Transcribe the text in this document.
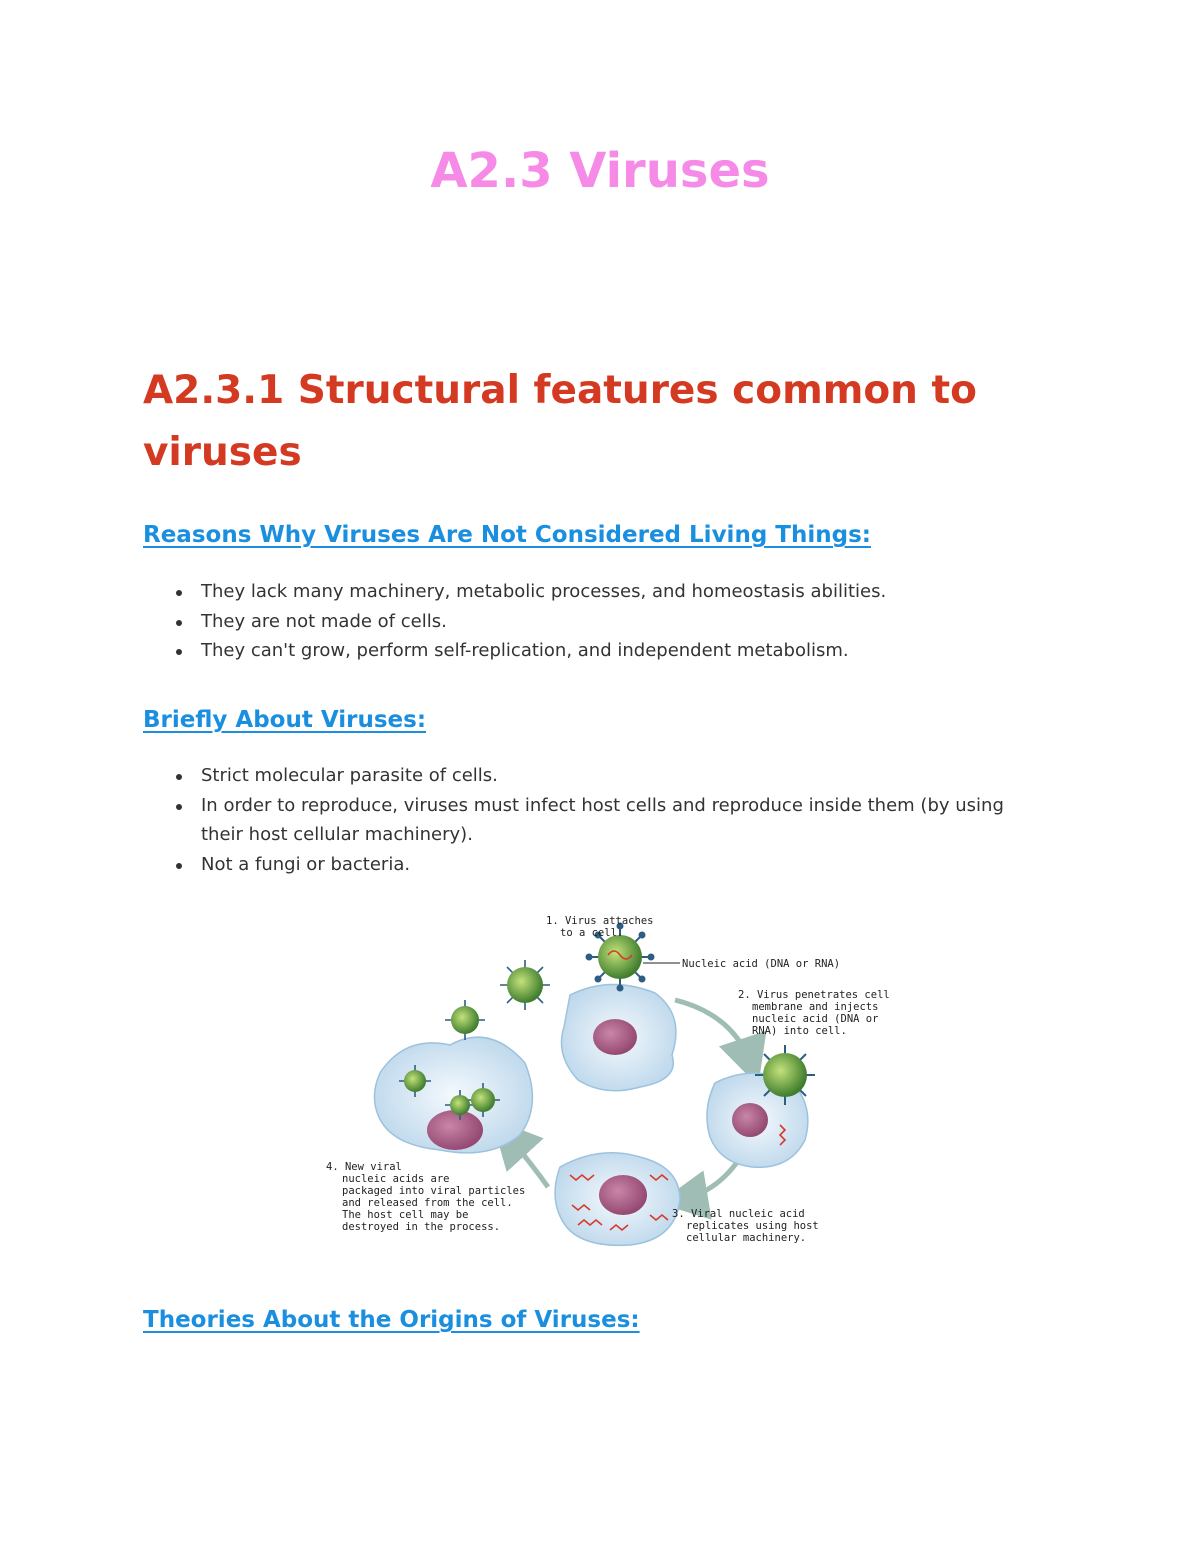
A2.3 Viruses
A2.3.1 Structural features common to viruses
Reasons Why Viruses Are Not Considered Living Things:
They lack many machinery, metabolic processes, and homeostasis abilities.
They are not made of cells.
They can't grow, perform self-replication, and independent metabolism.
Briefly About Viruses:
Strict molecular parasite of cells.
In order to reproduce, viruses must infect host cells and reproduce inside them (by using their host cellular machinery).
Not a fungi or bacteria.
1. Virus attaches
to a cell.
Nucleic acid (DNA or RNA)
2. Virus penetrates cell
membrane and injects
nucleic acid (DNA or
RNA) into cell.
3. Viral nucleic acid
replicates using host
cellular machinery.
4. New viral
nucleic acids are
packaged into viral particles
and released from the cell.
The host cell may be
destroyed in the process.
Theories About the Origins of Viruses:
